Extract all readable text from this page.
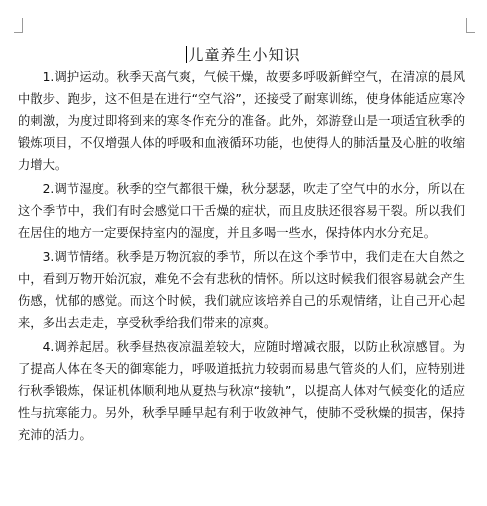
儿童养生小知识

1.调护运动。秋季天高气爽，气候干燥，故要多呼吸新鲜空气，在清凉的晨风中散步、跑步，这不但是在进行“空气浴”，还接受了耐寒训练，使身体能适应寒冷的刺激，为度过即将到来的寒冬作充分的准备。此外，郊游登山是一项适宜秋季的锻炼项目，不仅增强人体的呼吸和血液循环功能，也使得人的肺活量及心脏的收缩力增大。

2.调节湿度。秋季的空气都很干燥，秋分瑟瑟，吹走了空气中的水分，所以在这个季节中，我们有时会感觉口干舌燥的症状，而且皮肤还很容易干裂。所以我们在居住的地方一定要保持室内的湿度，并且多喝一些水，保持体内水分充足。

3.调节情绪。秋季是万物沉寂的季节，所以在这个季节中，我们走在大自然之中，看到万物开始沉寂，难免不会有悲秋的情怀。所以这时候我们很容易就会产生伤感，忧郁的感觉。而这个时候，我们就应该培养自己的乐观情绪，让自己开心起来，多出去走走，享受秋季给我们带来的凉爽。

4.调养起居。秋季昼热夜凉温差较大，应随时增减衣服，以防止秋凉感冒。为了提高人体在冬天的御寒能力，呼吸道抵抗力较弱而易患气管炎的人们，应特别进行秋季锻炼，保证机体顺利地从夏热与秋凉“接轨”，以提高人体对气候变化的适应性与抗寒能力。另外，秋季早睡早起有利于收敛神气，使肺不受秋燥的损害，保持充沛的活力。
